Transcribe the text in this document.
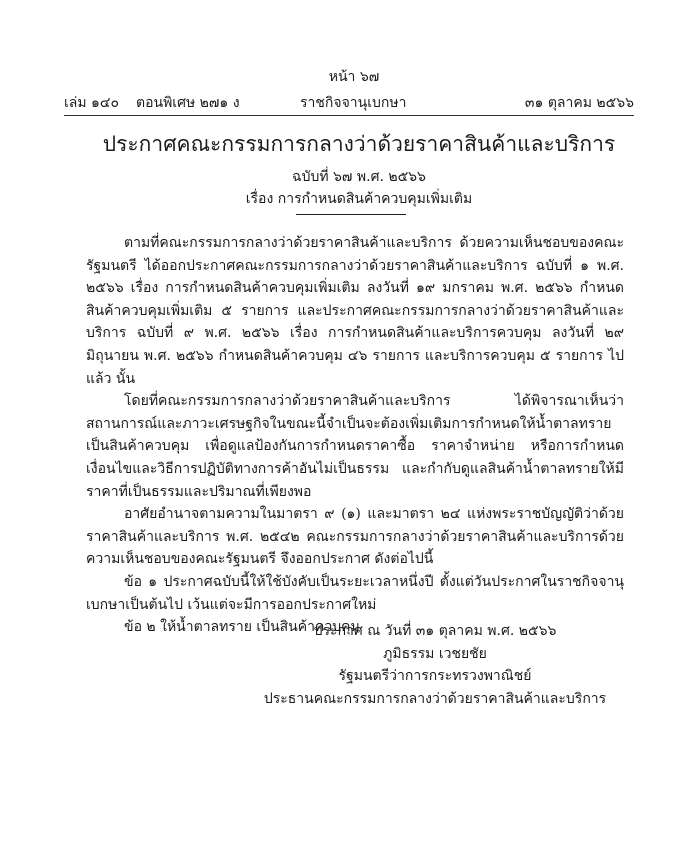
หน้า ๖๗
เล่ม ๑๔๐ ตอนพิเศษ ๒๗๑ ง	ราชกิจจานุเบกษา	๓๑ ตุลาคม ๒๕๖๖
ประกาศคณะกรรมการกลางว่าด้วยราคาสินค้าและบริการ
ฉบับที่ ๖๗ พ.ศ. ๒๕๖๖
เรื่อง การกำหนดสินค้าควบคุมเพิ่มเติม

ตามที่คณะกรรมการกลางว่าด้วยราคาสินค้าและบริการ ด้วยความเห็นชอบของคณะรัฐมนตรี ได้ออกประกาศคณะกรรมการกลางว่าด้วยราคาสินค้าและบริการ ฉบับที่ ๑ พ.ศ. ๒๕๖๖ เรื่อง การกำหนดสินค้าควบคุมเพิ่มเติม ลงวันที่ ๑๙ มกราคม พ.ศ. ๒๕๖๖ กำหนดสินค้าควบคุมเพิ่มเติม ๕ รายการ และประกาศคณะกรรมการกลางว่าด้วยราคาสินค้าและบริการ ฉบับที่ ๙ พ.ศ. ๒๕๖๖ เรื่อง การกำหนดสินค้าและบริการควบคุม ลงวันที่ ๒๙ มิถุนายน พ.ศ. ๒๕๖๖ กำหนดสินค้าควบคุม ๔๖ รายการ และบริการควบคุม ๕ รายการ ไปแล้ว นั้น

โดยที่คณะกรรมการกลางว่าด้วยราคาสินค้าและบริการ ได้พิจารณาเห็นว่าสถานการณ์และภาวะเศรษฐกิจในขณะนี้จำเป็นจะต้องเพิ่มเติมการกำหนดให้น้ำตาลทรายเป็นสินค้าควบคุม เพื่อดูแลป้องกันการกำหนดราคาซื้อ ราคาจำหน่าย หรือการกำหนดเงื่อนไขและวิธีการปฏิบัติทางการค้าอันไม่เป็นธรรม และกำกับดูแลสินค้าน้ำตาลทรายให้มีราคาที่เป็นธรรมและปริมาณที่เพียงพอ

อาศัยอำนาจตามความในมาตรา ๙ (๑) และมาตรา ๒๔ แห่งพระราชบัญญัติว่าด้วยราคาสินค้าและบริการ พ.ศ. ๒๕๔๒ คณะกรรมการกลางว่าด้วยราคาสินค้าและบริการด้วยความเห็นชอบของคณะรัฐมนตรี จึงออกประกาศ ดังต่อไปนี้

ข้อ ๑ ประกาศฉบับนี้ให้ใช้บังคับเป็นระยะเวลาหนึ่งปี ตั้งแต่วันประกาศในราชกิจจานุเบกษาเป็นต้นไป เว้นแต่จะมีการออกประกาศใหม่

ข้อ ๒ ให้น้ำตาลทราย เป็นสินค้าควบคุม

ประกาศ ณ วันที่ ๓๑ ตุลาคม พ.ศ. ๒๕๖๖
ภูมิธรรม เวชยชัย
รัฐมนตรีว่าการกระทรวงพาณิชย์
ประธานคณะกรรมการกลางว่าด้วยราคาสินค้าและบริการ
